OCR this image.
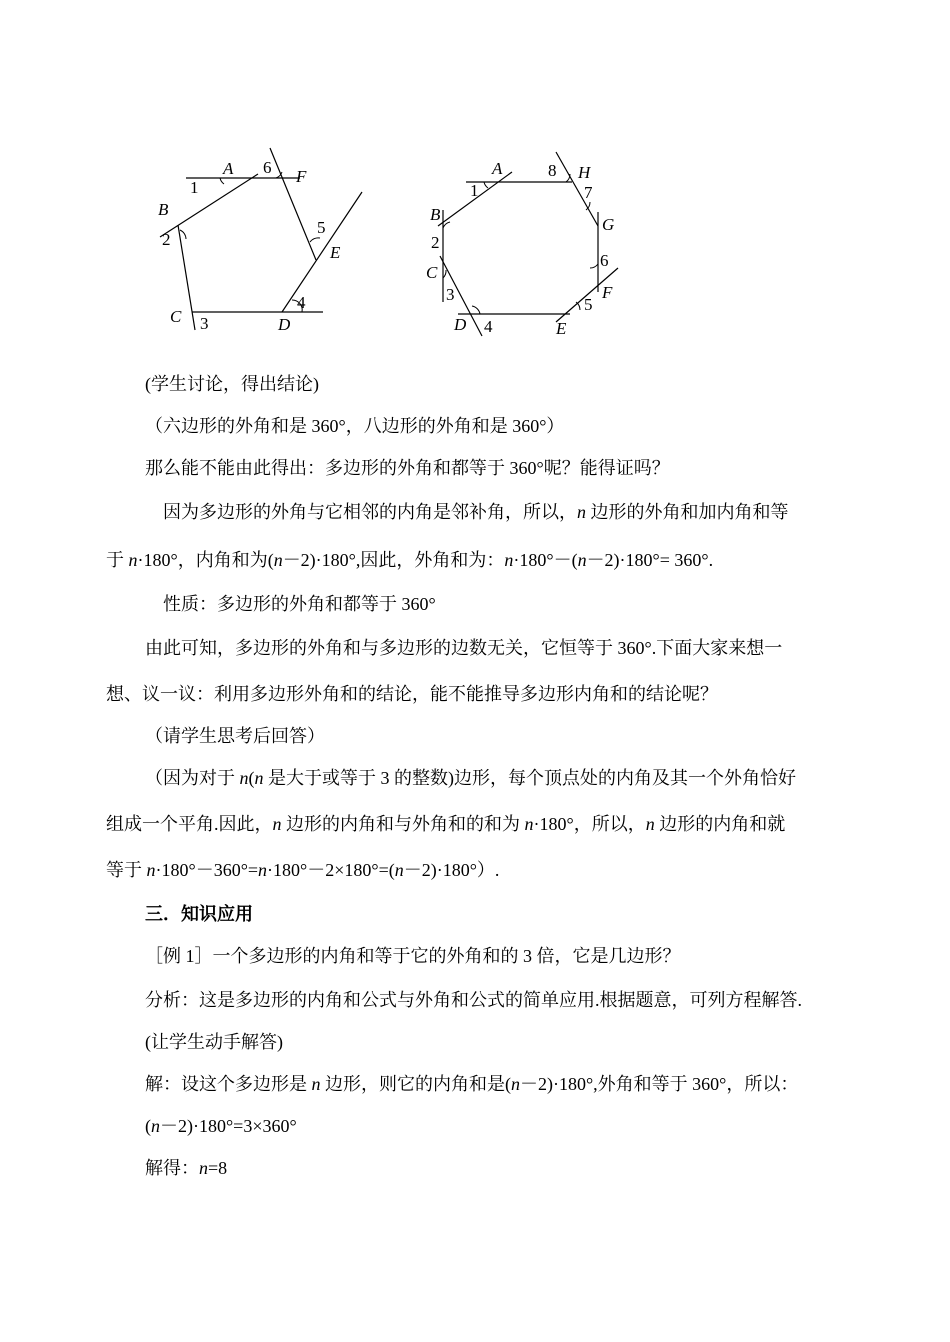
A	F
E
D
C
B
1
2
3
4
5
6	A	H
G
F
E
D
C
B
1
2
3
4
5
6
7
8
(学生讨论，得出结论)
（六边形的外角和是 360°，八边形的外角和是 360°）
那么能不能由此得出：多边形的外角和都等于 360°呢？能得证吗？
因为多边形的外角与它相邻的内角是邻补角，所以，n 边形的外角和加内角和等
于 n·180°，内角和为(n－2)·180°,因此，外角和为：n·180°－(n－2)·180°= 360°.
性质：多边形的外角和都等于 360°
由此可知，多边形的外角和与多边形的边数无关，它恒等于 360°.下面大家来想一
想、议一议：利用多边形外角和的结论，能不能推导多边形内角和的结论呢？
（请学生思考后回答）
（因为对于 n(n 是大于或等于 3 的整数)边形，每个顶点处的内角及其一个外角恰好
组成一个平角.因此，n 边形的内角和与外角和的和为 n·180°，所以，n 边形的内角和就
等于 n·180°－360°=n·180°－2×180°=(n－2)·180°）.
三．知识应用
［例 1］一个多边形的内角和等于它的外角和的 3 倍，它是几边形？
分析：这是多边形的内角和公式与外角和公式的简单应用.根据题意，可列方程解答.
(让学生动手解答)
解：设这个多边形是 n 边形，则它的内角和是(n－2)·180°,外角和等于 360°，所以：
(n－2)·180°=3×360°
解得：n=8
